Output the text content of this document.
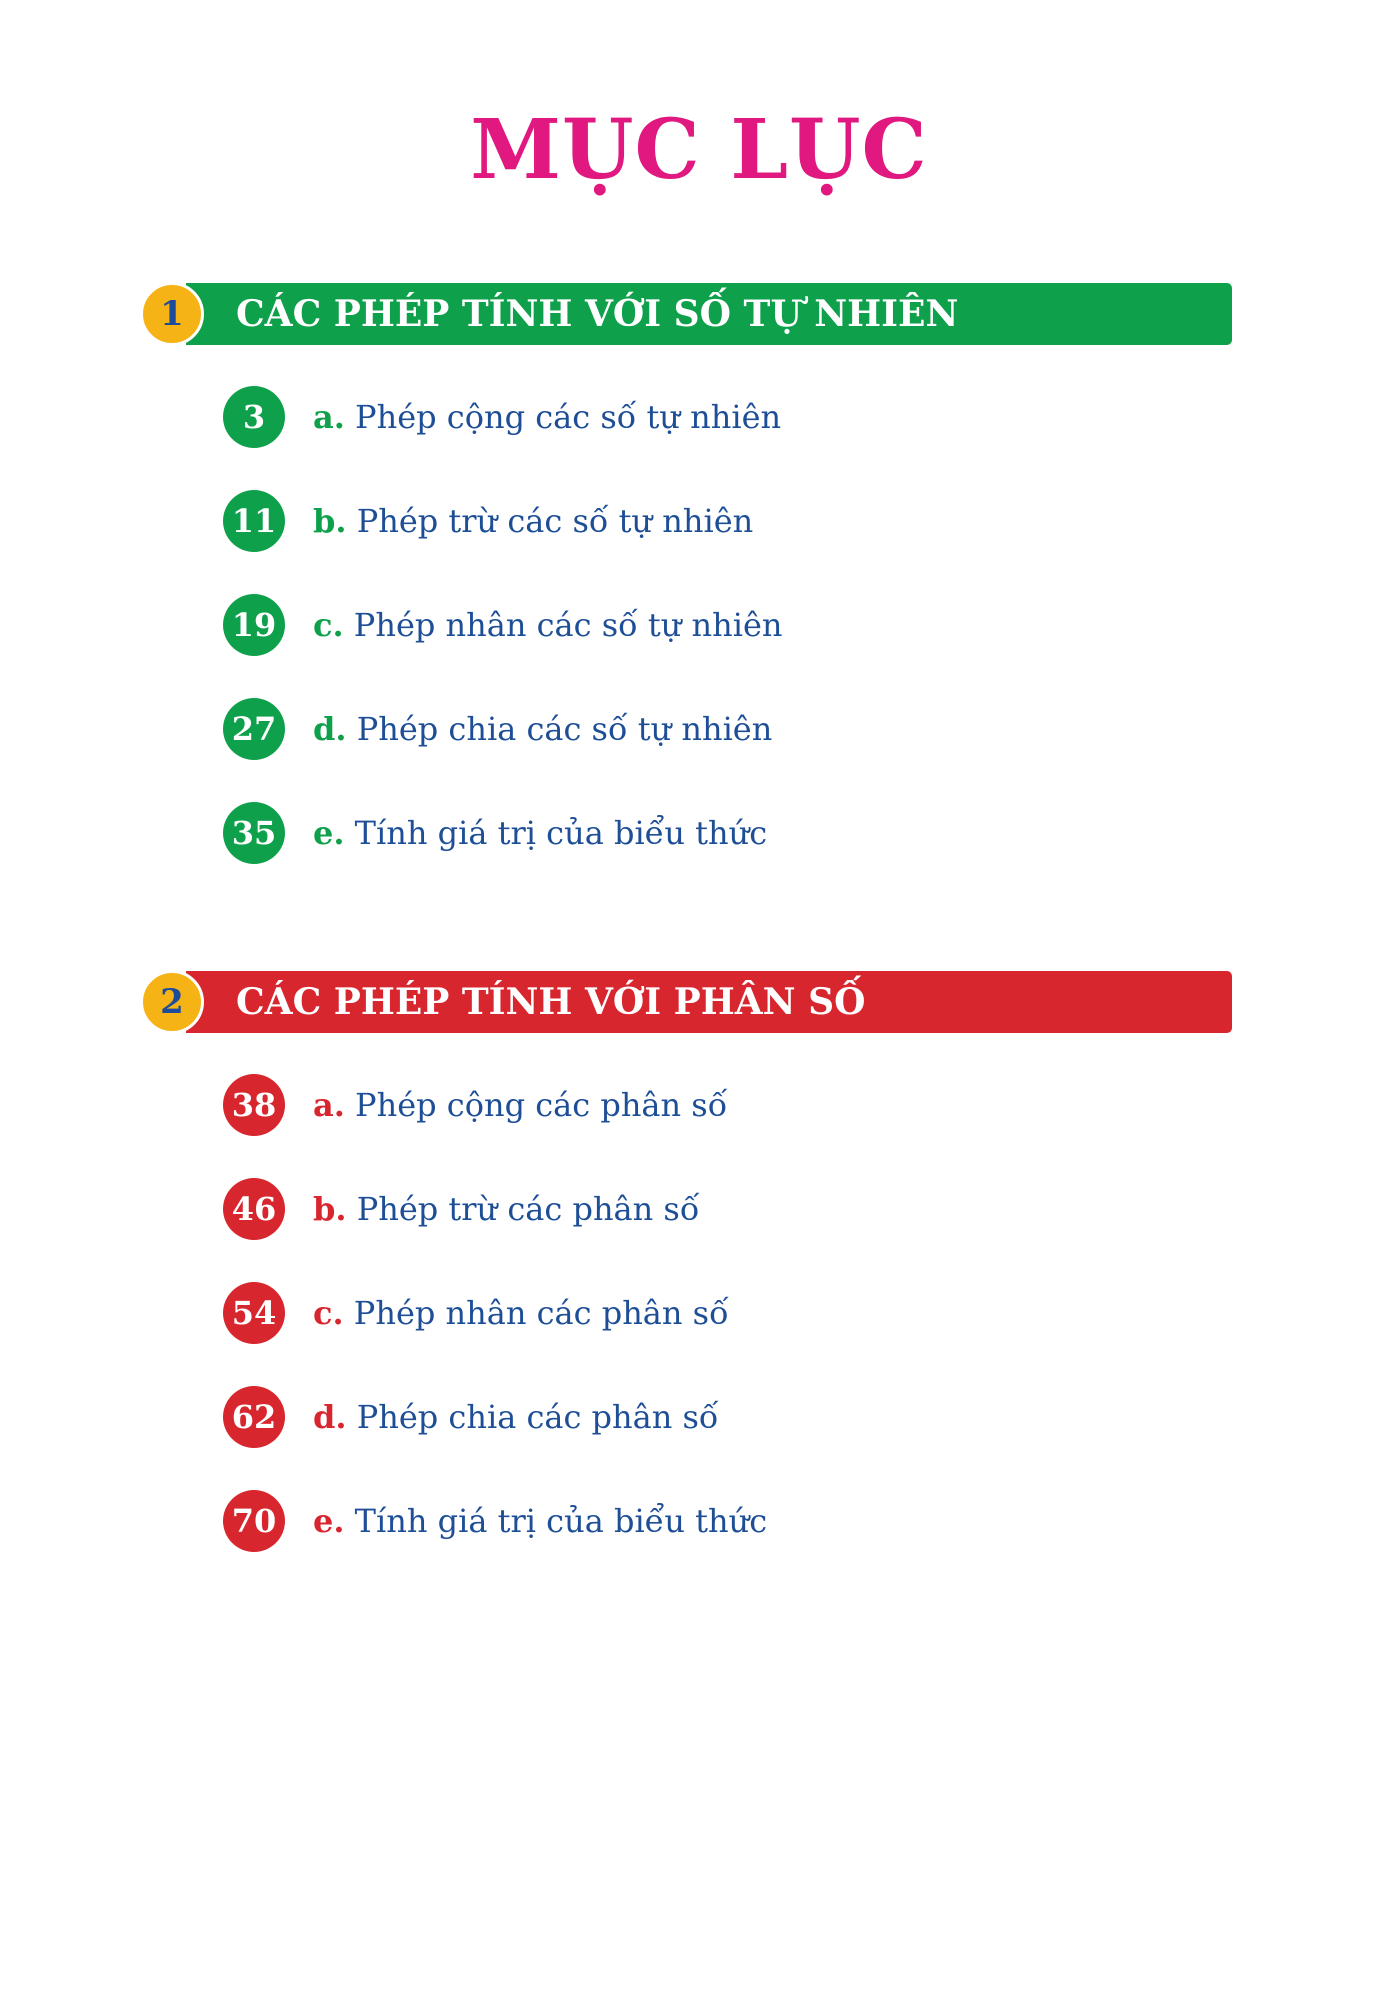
MỤC LỤC
1	CÁC PHÉP TÍNH VỚI SỐ TỰ NHIÊN
3	a. Phép cộng các số tự nhiên
11 b. Phép trừ các số tự nhiên
19 c. Phép nhân các số tự nhiên
27 d. Phép chia các số tự nhiên
35 e. Tính giá trị của biểu thức
2	CÁC PHÉP TÍNH VỚI PHÂN SỐ
38 a. Phép cộng các phân số
46 b. Phép trừ các phân số
54 c. Phép nhân các phân số
62 d. Phép chia các phân số
70 e. Tính giá trị của biểu thức
